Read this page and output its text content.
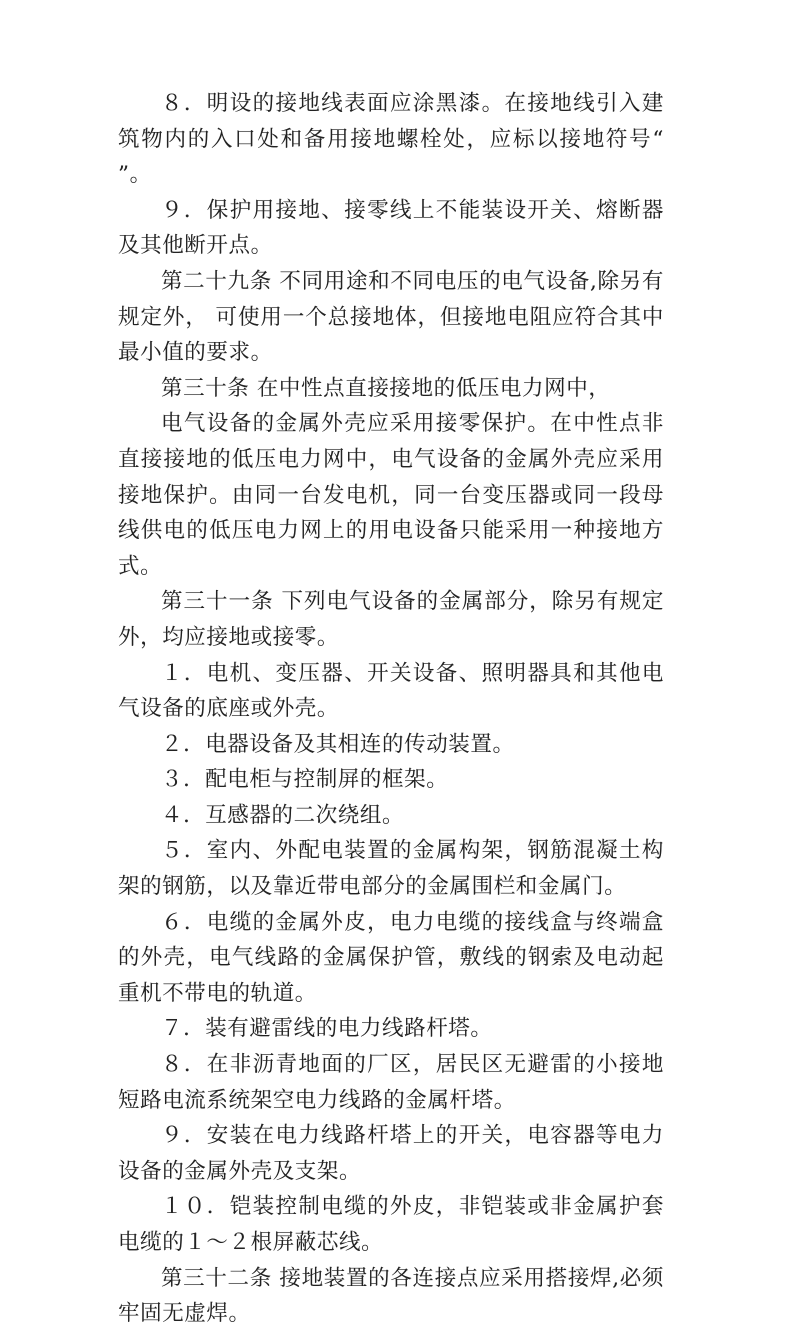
８．明设的接地线表面应涂黑漆。在接地线引入建筑物内的入口处和备用接地螺栓处，应标以接地符号“ ”。

９．保护用接地、接零线上不能装设开关、熔断器及其他断开点。

第二十九条 不同用途和不同电压的电气设备,除另有规定外， 可使用一个总接地体，但接地电阻应符合其中最小值的要求。

第三十条 在中性点直接接地的低压电力网中，

电气设备的金属外壳应采用接零保护。在中性点非直接接地的低压电力网中，电气设备的金属外壳应采用接地保护。由同一台发电机，同一台变压器或同一段母线供电的低压电力网上的用电设备只能采用一种接地方式。

第三十一条 下列电气设备的金属部分，除另有规定外，均应接地或接零。

１．电机、变压器、开关设备、照明器具和其他电气设备的底座或外壳。

２．电器设备及其相连的传动装置。

３．配电柜与控制屏的框架。

４．互感器的二次绕组。

５．室内、外配电装置的金属构架，钢筋混凝土构架的钢筋，以及靠近带电部分的金属围栏和金属门。

６．电缆的金属外皮，电力电缆的接线盒与终端盒的外壳，电气线路的金属保护管，敷线的钢索及电动起重机不带电的轨道。

７．装有避雷线的电力线路杆塔。

８．在非沥青地面的厂区，居民区无避雷的小接地短路电流系统架空电力线路的金属杆塔。

９．安装在电力线路杆塔上的开关，电容器等电力设备的金属外壳及支架。

１０．铠装控制电缆的外皮，非铠装或非金属护套电缆的１～２根屏蔽芯线。

第三十二条 接地装置的各连接点应采用搭接焊,必须牢固无虚焊。
